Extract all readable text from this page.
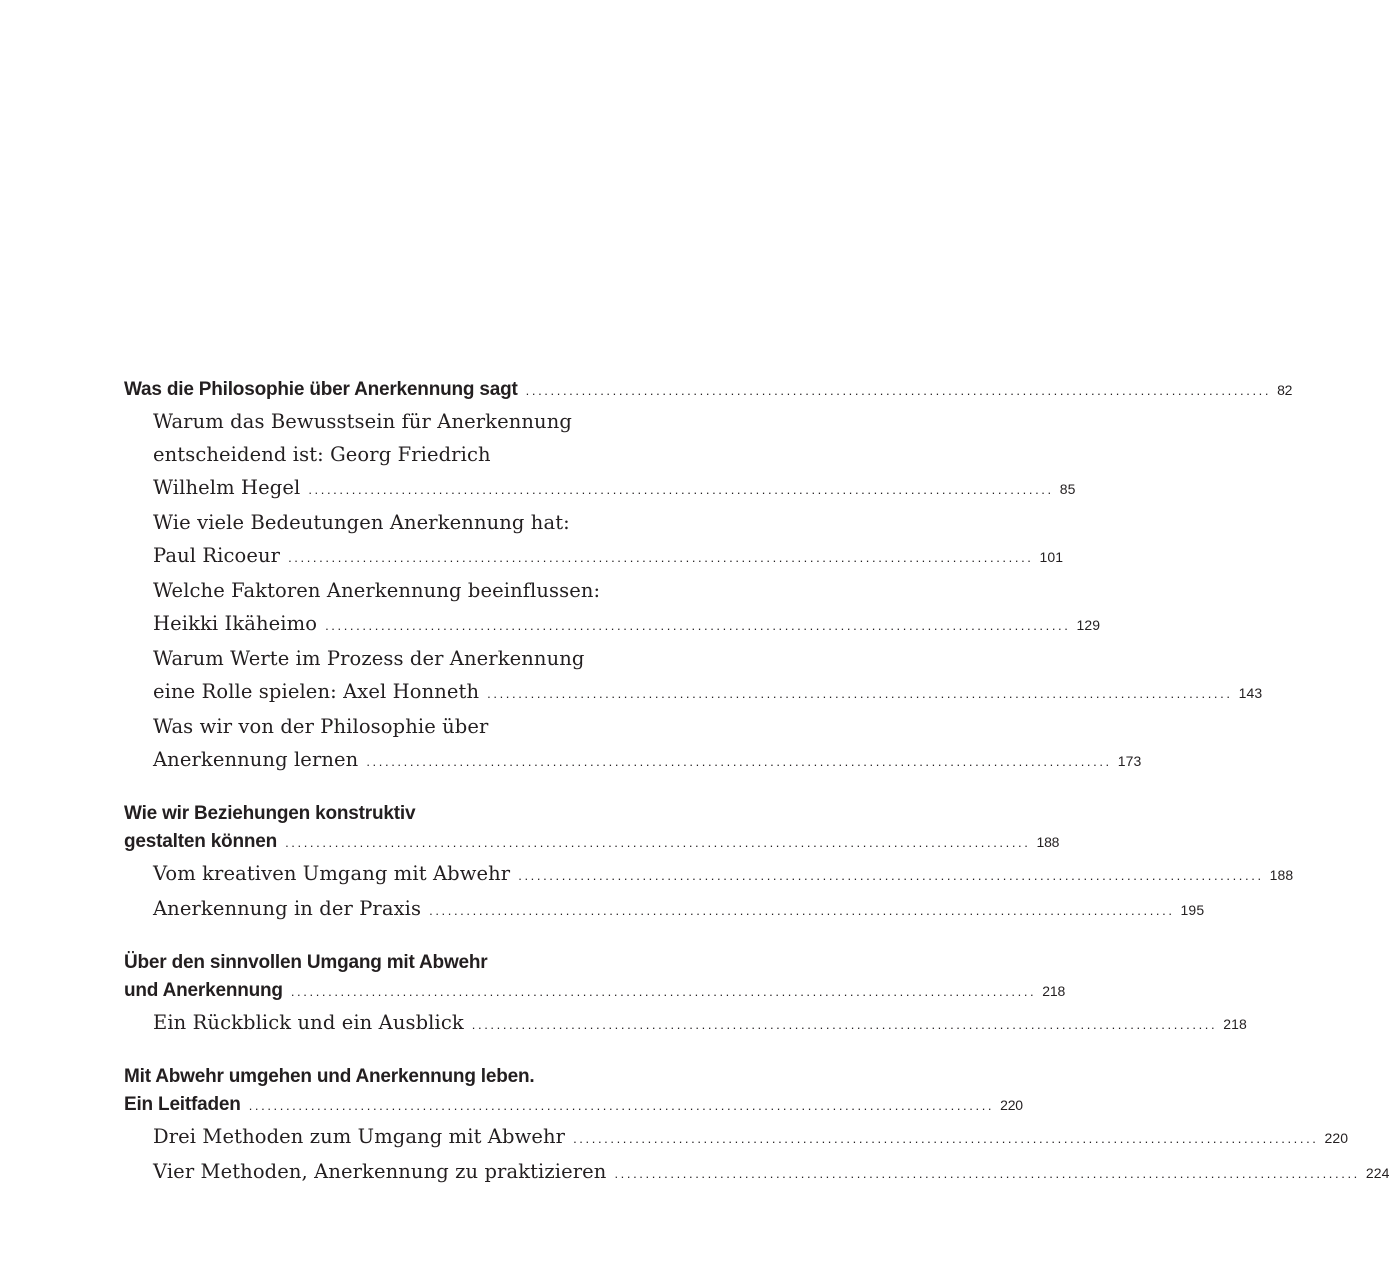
Was die Philosophie über Anerkennung sagt ........................................................................................................................ 82
Warum das Bewusstsein für Anerkennung
entscheidend ist: Georg Friedrich
Wilhelm Hegel ........................................................................................................................ 85
Wie viele Bedeutungen Anerkennung hat:
Paul Ricoeur ........................................................................................................................ 101
Welche Faktoren Anerkennung beeinflussen:
Heikki Ikäheimo ........................................................................................................................ 129
Warum Werte im Prozess der Anerkennung
eine Rolle spielen: Axel Honneth ........................................................................................................................ 143
Was wir von der Philosophie über
Anerkennung lernen ........................................................................................................................ 173
Wie wir Beziehungen konstruktiv
gestalten können ........................................................................................................................ 188
Vom kreativen Umgang mit Abwehr ........................................................................................................................ 188
Anerkennung in der Praxis ........................................................................................................................ 195
Über den sinnvollen Umgang mit Abwehr
und Anerkennung ........................................................................................................................ 218
Ein Rückblick und ein Ausblick ........................................................................................................................ 218
Mit Abwehr umgehen und Anerkennung leben.
Ein Leitfaden ........................................................................................................................ 220
Drei Methoden zum Umgang mit Abwehr ........................................................................................................................ 220
Vier Methoden, Anerkennung zu praktizieren ........................................................................................................................ 224
